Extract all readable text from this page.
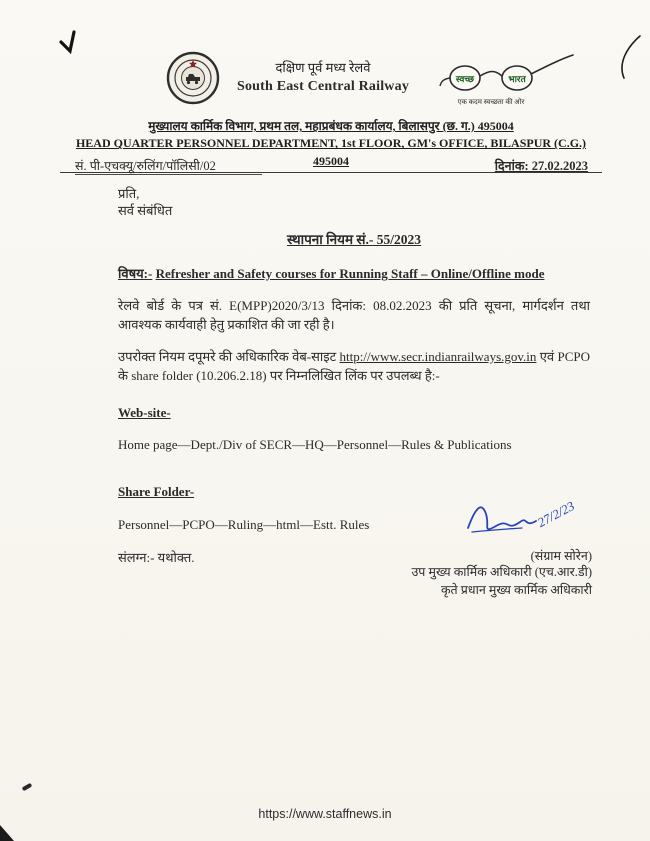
दक्षिण पूर्व मध्य रेलवे
South East Central Railway	स्वच्छ	भारत
एक कदम स्वच्छता की ओर
मुख्यालय कार्मिक विभाग, प्रथम तल, महाप्रबंधक कार्यालय, बिलासपुर (छ. ग.) 495004
HEAD QUARTER PERSONNEL DEPARTMENT, 1st FLOOR, GM's OFFICE, BILASPUR (C.G.) 495004
सं. पी-एचक्यू/रुलिंग/पॉलिसी/02	दिनांक: 27.02.2023
प्रति,
सर्व संबंधित
स्थापना नियम सं.- 55/2023
विषय:- Refresher and Safety courses for Running Staff – Online/Offline mode
रेलवे बोर्ड के पत्र सं. E(MPP)2020/3/13 दिनांक: 08.02.2023 की प्रति सूचना, मार्गदर्शन तथा आवश्यक कार्यवाही हेतु प्रकाशित की जा रही है।
उपरोक्त नियम दपूमरे की अधिकारिक वेब-साइट http://www.secr.indianrailways.gov.in एवं PCPO के share folder (10.206.2.18) पर निम्नलिखित लिंक पर उपलब्ध है:-
Web-site-
Home page—Dept./Div of SECR—HQ—Personnel—Rules & Publications
Share Folder-
Personnel—PCPO—Ruling—html—Estt. Rules
संलग्न:- यथोक्त.
27/2/23
(संग्राम सोरेन)
उप मुख्य कार्मिक अधिकारी (एच.आर.डी)
कृते प्रधान मुख्य कार्मिक अधिकारी
https://www.staffnews.in
